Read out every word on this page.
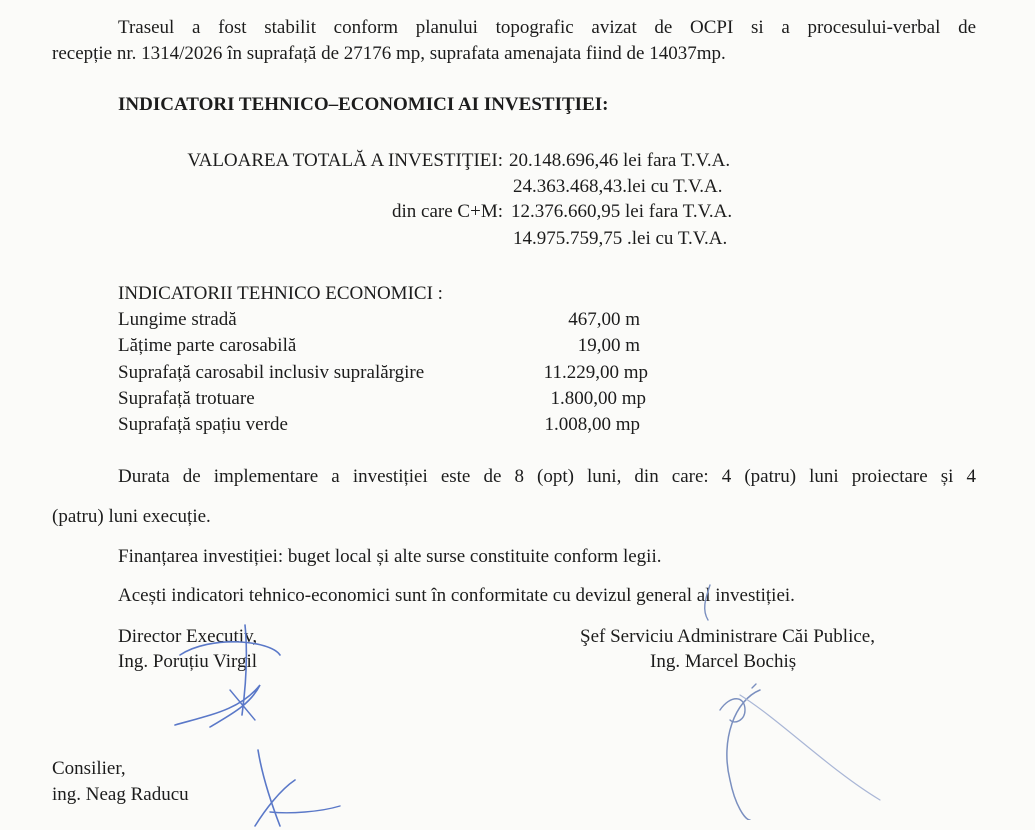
Traseul a fost stabilit conform planului topografic avizat de OCPI si a procesului-verbal de
recepție nr. 1314/2026 în suprafață de 27176 mp, suprafata amenajata fiind de 14037mp.
INDICATORI TEHNICO–ECONOMICI AI INVESTIŢIEI:
VALOAREA TOTALĂ A INVESTIŢIEI: 20.148.696,46 lei fara T.V.A.
24.363.468,43.lei cu T.V.A.
din care C+M: 12.376.660,95 lei fara T.V.A.
14.975.759,75 .lei cu T.V.A.
INDICATORII TEHNICO ECONOMICI :
Lungime stradă	467,00 m
Lățime parte carosabilă	19,00 m
Suprafață carosabil inclusiv supralărgire	11.229,00 mp
Suprafață trotuare	1.800,00 mp
Suprafață spațiu verde	1.008,00 mp
Durata de implementare a investiției este de 8 (opt) luni, din care: 4 (patru) luni proiectare și 4
(patru) luni execuție.
Finanțarea investiției: buget local și alte surse constituite conform legii.
Acești indicatori tehnico-economici sunt în conformitate cu devizul general al investiției.
Director Executiv,
Ing. Poruțiu Virgil
Şef Serviciu Administrare Căi Publice,
Ing. Marcel Bochiș
Consilier,
ing. Neag Raducu
